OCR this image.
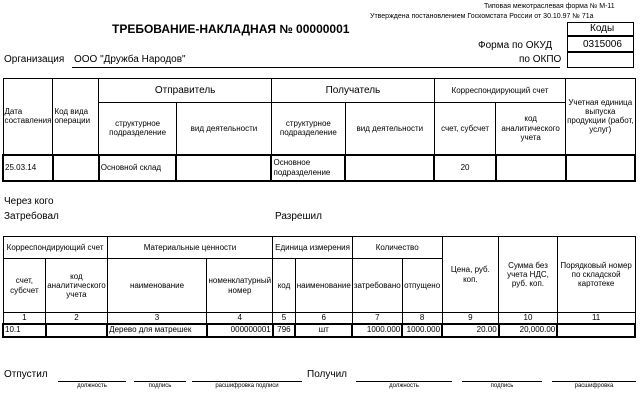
Типовая межотраслевая форма № М-11
Утверждена постановлением Госкомстата России от 30.10.97 № 71а
ТРЕБОВАНИЕ-НАКЛАДНАЯ № 00000001	Коды
0315006
Форма по ОКУД
по ОКПО
Организация ООО "Дружба Народов"
Дата составления	Код вида операции	Отправитель		Получатель		Корреспондирующий счет		Учетная единица выпуска продукции (работ, услуг)
		структурное подразделение	вид деятельности	структурное подразделение	вид деятельности	счет, субсчет	код аналитического учета	
25.03.14		Основной склад		Основное подразделение		20		
Через кого
Затребовал	Разрешил
Корреспондирующий счет		Материальные ценности		Единица измерения		Количество		Цена, руб. коп.	Сумма без учета НДС, руб. коп.	Порядковый номер по складской картотеке
счет, субсчет	код аналитического учета	наименование	номенклатурный номер	код	наименование	затребовано	отпущено			
1	2	3	4	5	6	7	8	9	10	11
10.1		Дерево для матрешек	000000001	796	шт	1000.000	1000.000	20.00	20,000.00	
Отпустил
должность	подпись	расшифровка подписи
Получил
должность	подпись	расшифровка
